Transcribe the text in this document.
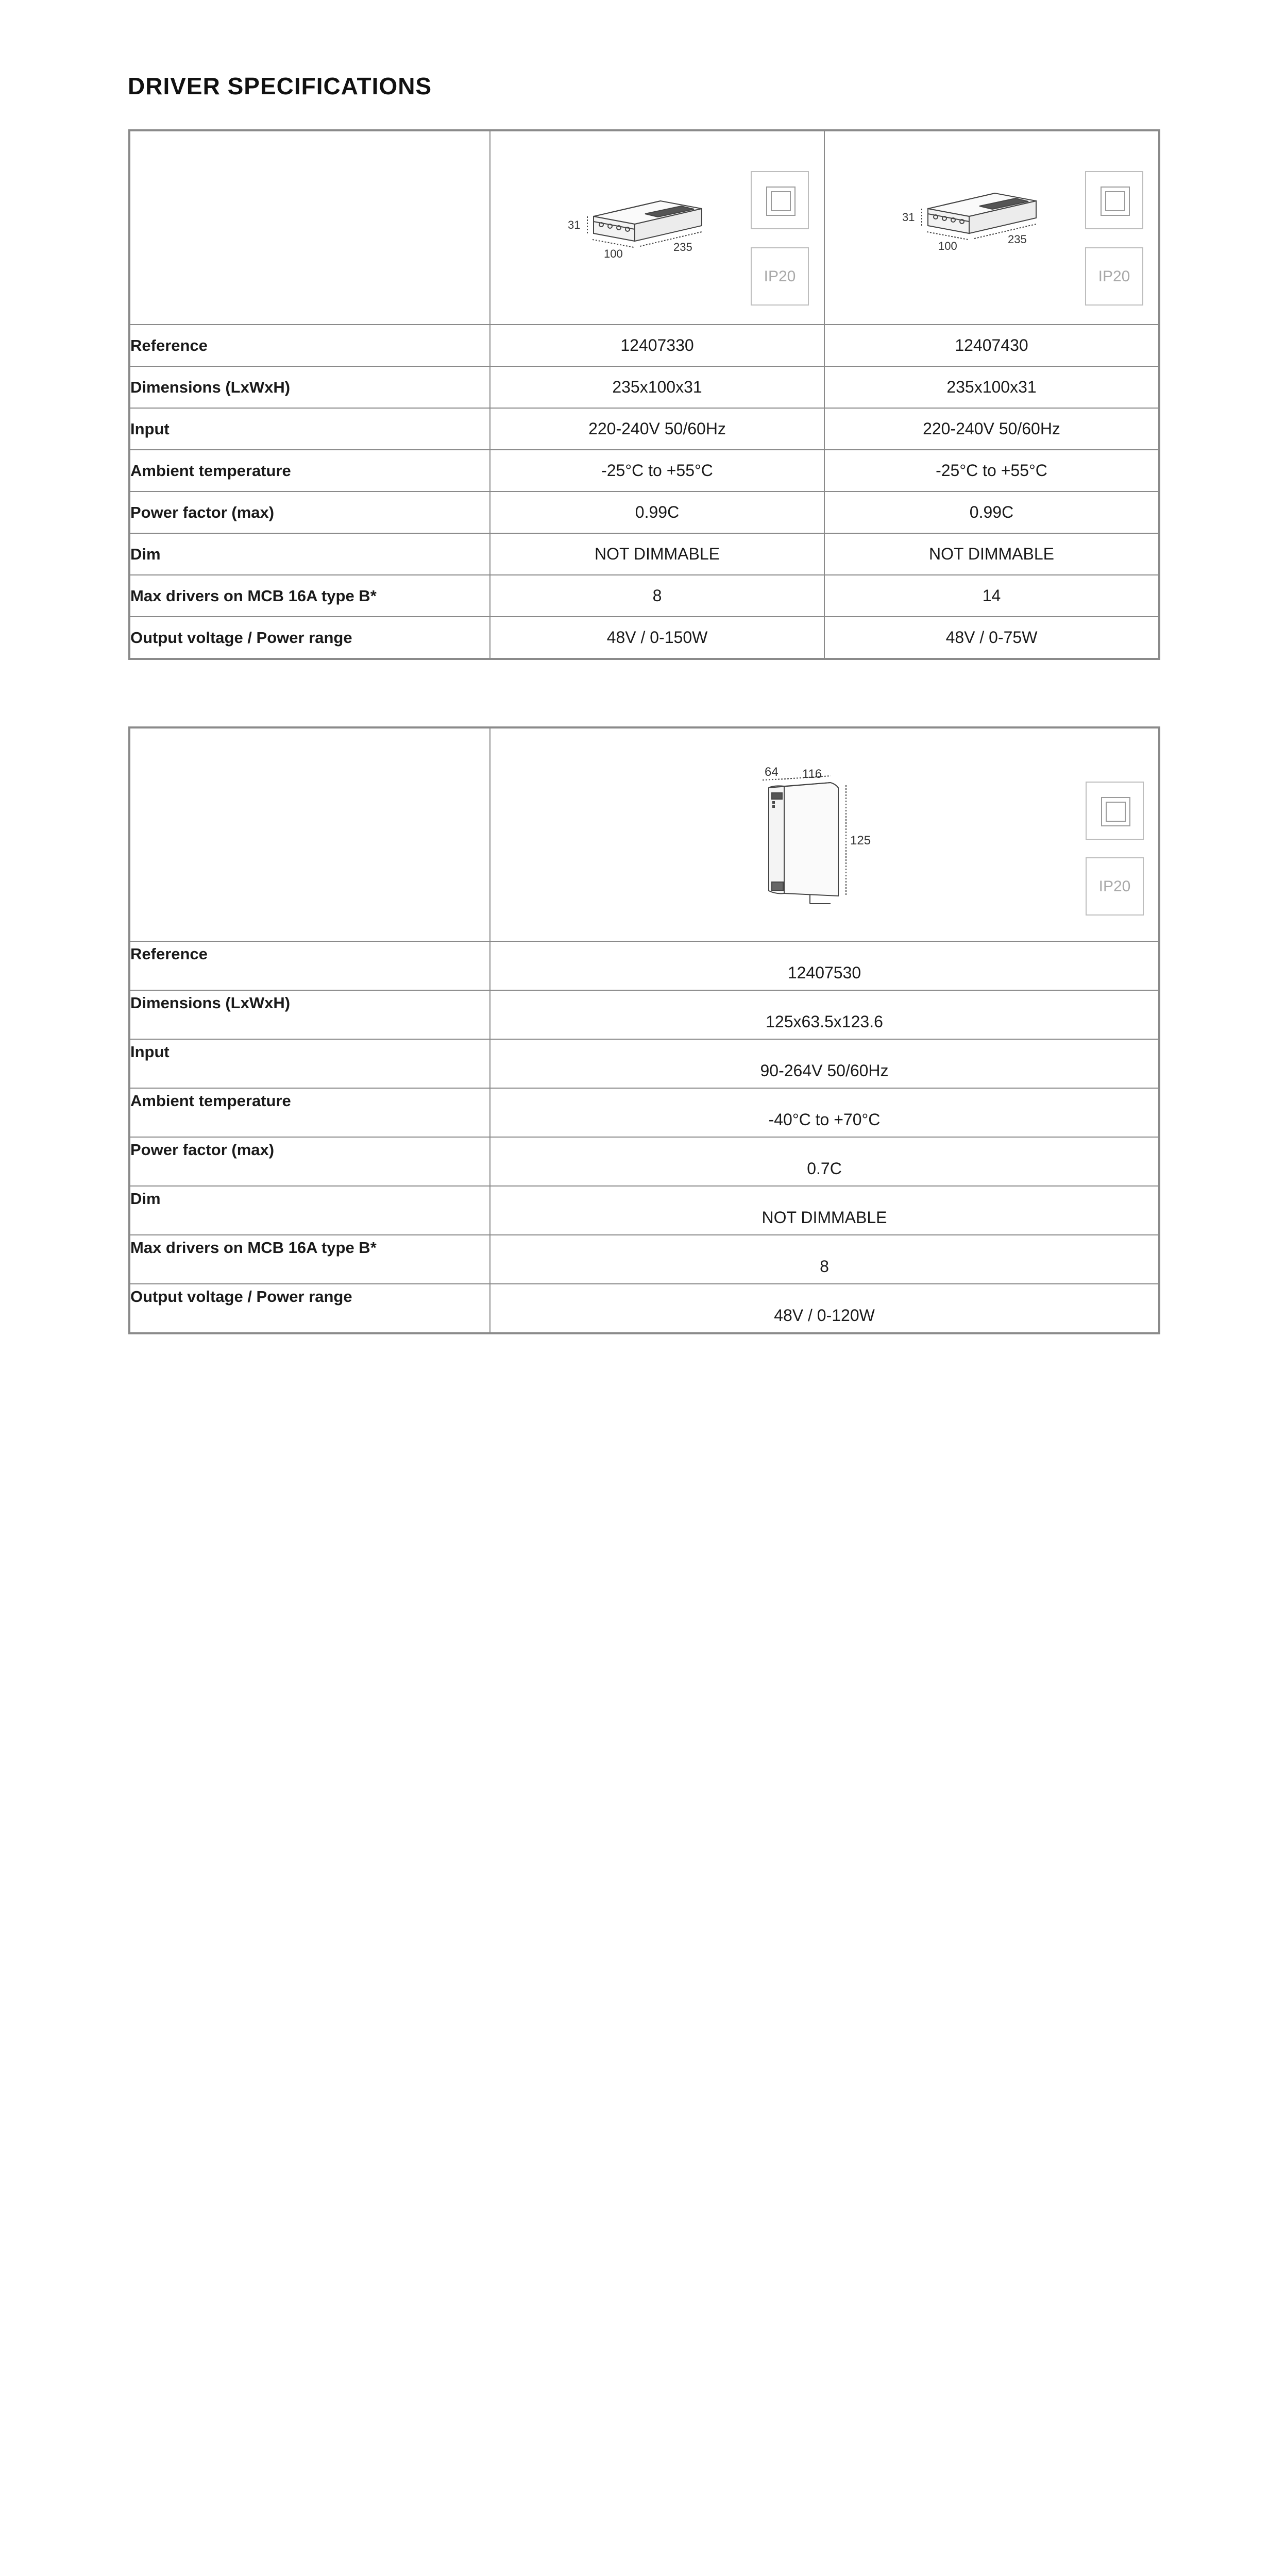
DRIVER SPECIFICATIONS

31
100
235
IP20	31
100
235
IP20

Reference	12407330	12407430
Dimensions (LxWxH)	235x100x31	235x100x31
Input	220-240V 50/60Hz	220-240V 50/60Hz
Ambient temperature	-25°C to +55°C	-25°C to +55°C
Power factor (max)	0.99C	0.99C
Dim	NOT DIMMABLE	NOT DIMMABLE
Max drivers on MCB 16A type B*	8	14
Output voltage / Power range	48V / 0-150W	48V / 0-75W

64 116
125
IP20

Reference	12407530
Dimensions (LxWxH)	125x63.5x123.6
Input	90-264V 50/60Hz
Ambient temperature	-40°C to +70°C
Power factor (max)	0.7C
Dim	NOT DIMMABLE
Max drivers on MCB 16A type B*	8
Output voltage / Power range	48V / 0-120W
